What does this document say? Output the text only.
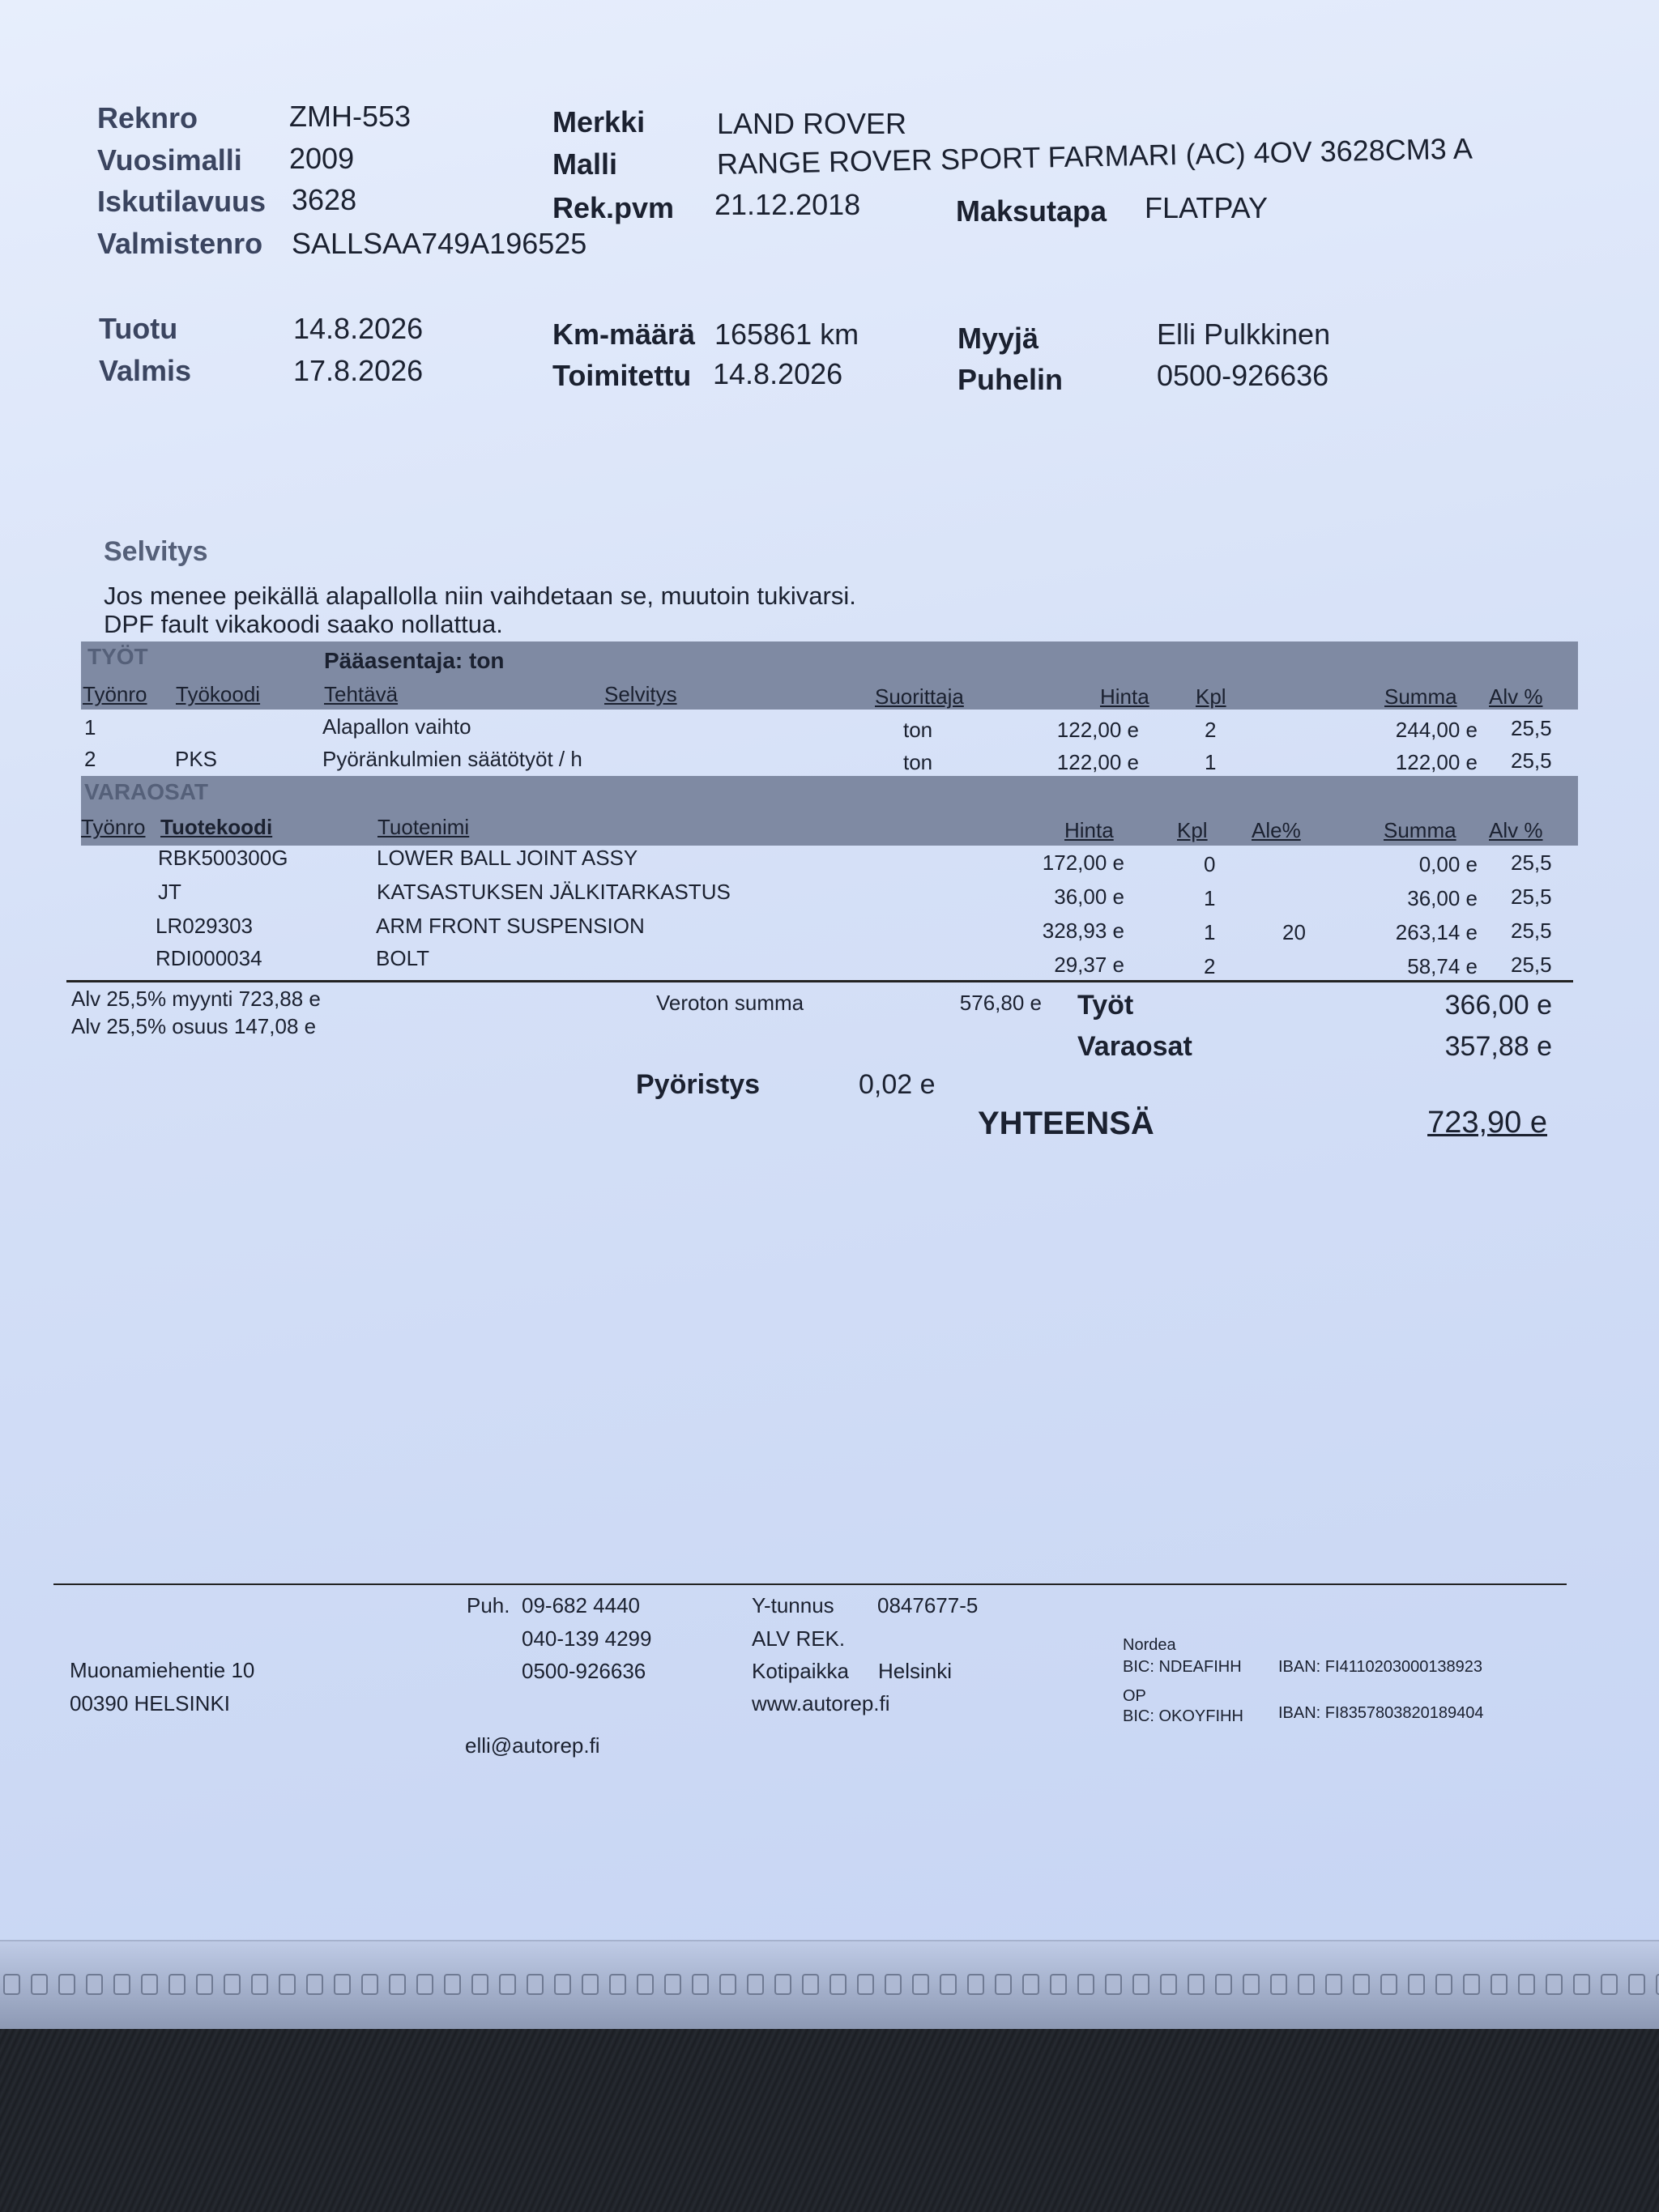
Reknro	ZMH-553
Vuosimalli 2009
Iskutilavuus 3628
Valmistenro SALLSAA749A196525
Merkki LAND ROVER
Malli	RANGE ROVER SPORT FARMARI (AC) 4OV 3628CM3 A
Rek.pvm 21.12.2018	Maksutapa FLATPAY
Tuotu	14.8.2026
Valmis	17.8.2026
Km-määrä 165861 km
Toimitettu 14.8.2026
Myyjä	Elli Pulkkinen
Puhelin	0500-926636
Selvitys
Jos menee peikällä alapallolla niin vaihdetaan se, muutoin tukivarsi.
DPF fault vikakoodi saako nollattua.
TYÖT	Pääasentaja: ton
Työnro Työkoodi	Tehtävä	Selvitys	Suorittaja	Hinta Kpl	Summa Alv %
1	Alapallon vaihto	ton	122,00 e	2	244,00 e 25,5
2	PKS	Pyöränkulmien säätötyöt / h	ton	122,00 e	1	122,00 e 25,5
VARAOSAT
Työnro Tuotekoodi	Tuotenimi	Hinta	Kpl Ale%	Summa Alv %
RBK500300G	LOWER BALL JOINT ASSY	172,00 e	0	0,00 e 25,5
JT	KATSASTUKSEN JÄLKITARKASTUS	36,00 e	1	36,00 e 25,5
LR029303	ARM FRONT SUSPENSION	328,93 e	1	20	263,14 e 25,5
RDI000034	BOLT	29,37 e	2	58,74 e 25,5
Alv 25,5% myynti 723,88 e
Alv 25,5% osuus 147,08 e
Veroton summa	576,80 e Työt	366,00 e
Varaosat	357,88 e
Pyöristys	0,02 e
YHTEENSÄ	723,90 e
Muonamiehentie 10
00390 HELSINKI
Puh. 09-682 4440
040-139 4299
0500-926636
elli@autorep.fi
Y-tunnus 0847677-5
ALV REK.
Kotipaikka Helsinki
www.autorep.fi
Nordea
BIC: NDEAFIHH IBAN: FI4110203000138923
OP
BIC: OKOYFIHH IBAN: FI8357803820189404
